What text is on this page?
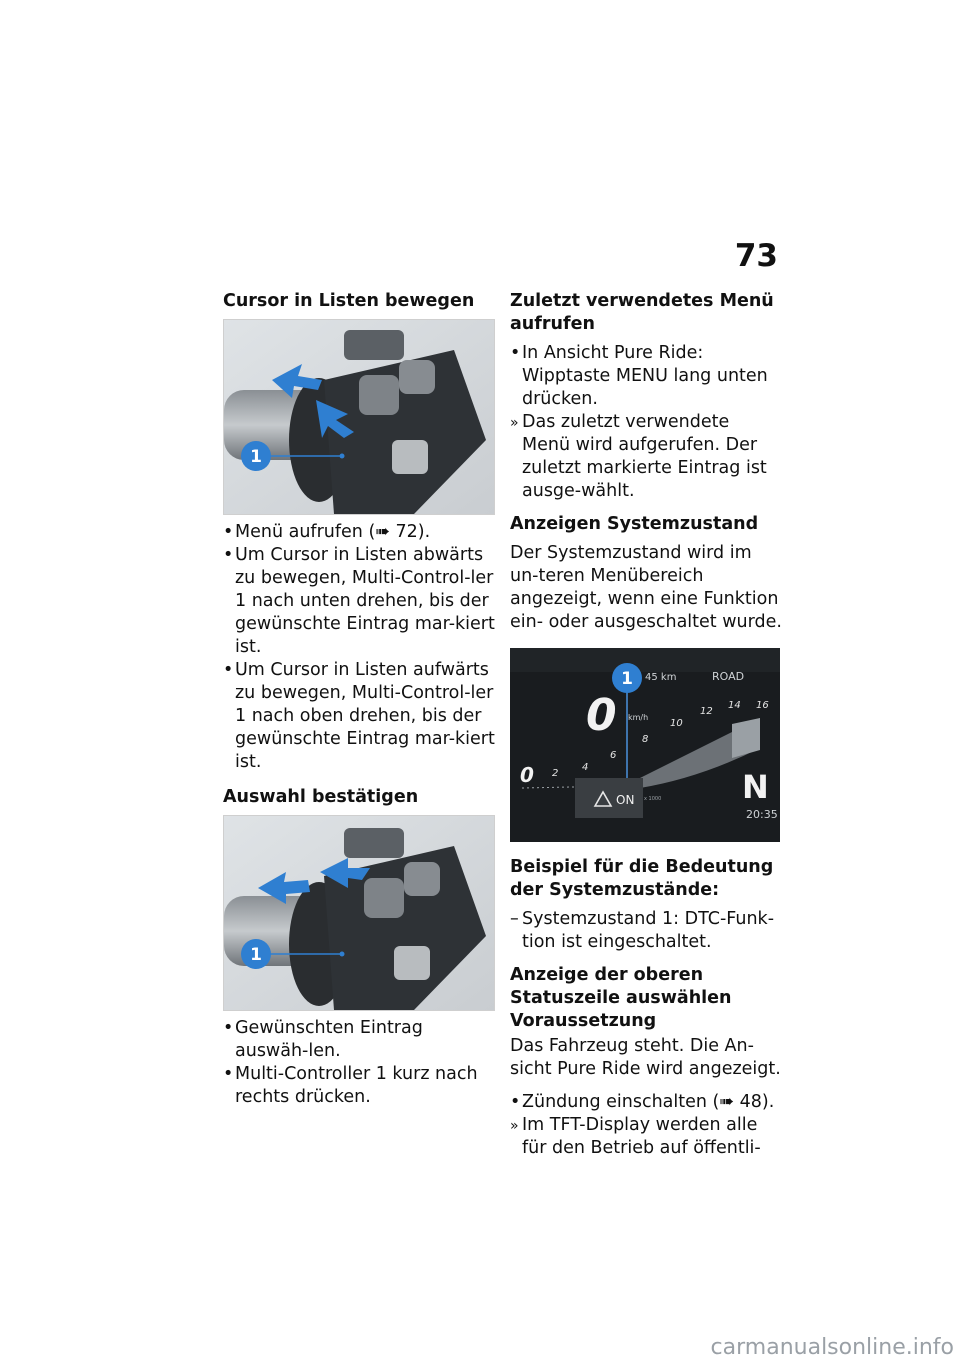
73
Cursor in Listen bewegen
1
• Menü aufrufen (➠ 72).
• Um Cursor in Listen abwärts zu bewegen, Multi-Control-ler 1 nach unten drehen, bis der gewünschte Eintrag mar-kiert ist.
• Um Cursor in Listen aufwärts zu bewegen, Multi-Control-ler 1 nach oben drehen, bis der gewünschte Eintrag mar-kiert ist.
Auswahl bestätigen
1
• Gewünschten Eintrag auswäh-len.
• Multi-Controller 1 kurz nach rechts drücken.
Zuletzt verwendetes Menü aufrufen
• In Ansicht Pure Ride: Wipptaste MENU lang unten drücken.
» Das zuletzt verwendete Menü wird aufgerufen. Der zuletzt markierte Eintrag ist ausge-wählt.
Anzeigen Systemzustand

Der Systemzustand wird im un-teren Menübereich angezeigt, wenn eine Funktion ein- oder ausgeschaltet wurde.

45 km	ROAD
0 km/h
2
4
6
8
10
12
14 16
0
ON x 1000	N
20:35
1
Beispiel für die Bedeutung der Systemzustände:
– Systemzustand 1: DTC-Funk-tion ist eingeschaltet.
Anzeige der oberen Statuszeile auswählen
Voraussetzung

Das Fahrzeug steht. Die An-sicht Pure Ride wird angezeigt.

• Zündung einschalten (➠ 48).
» Im TFT-Display werden alle für den Betrieb auf öffentli-
carmanualsonline.info
